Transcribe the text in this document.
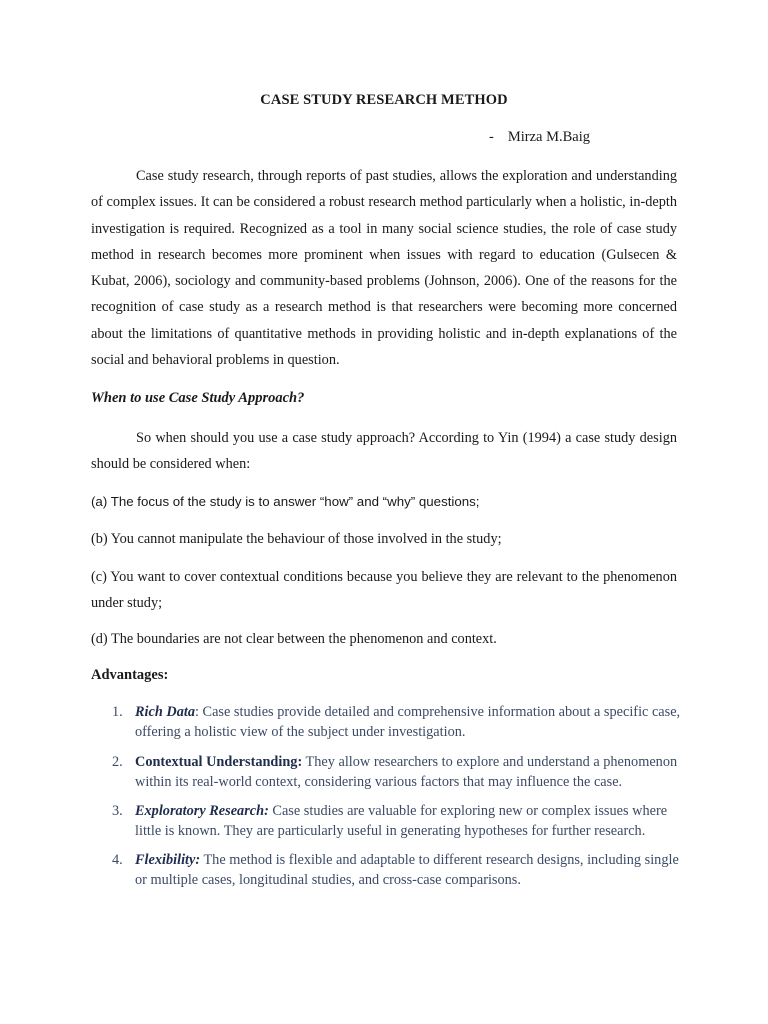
CASE STUDY RESEARCH METHOD
- Mirza M.Baig

Case study research, through reports of past studies, allows the exploration and understanding of complex issues. It can be considered a robust research method particularly when a holistic, in-depth investigation is required. Recognized as a tool in many social science studies, the role of case study method in research becomes more prominent when issues with regard to education (Gulsecen & Kubat, 2006), sociology and community-based problems (Johnson, 2006). One of the reasons for the recognition of case study as a research method is that researchers were becoming more concerned about the limitations of quantitative methods in providing holistic and in-depth explanations of the social and behavioral problems in question.

When to use Case Study Approach?

So when should you use a case study approach? According to Yin (1994) a case study design should be considered when:

(a) The focus of the study is to answer “how” and “why” questions;

(b) You cannot manipulate the behaviour of those involved in the study;

(c) You want to cover contextual conditions because you believe they are relevant to the phenomenon under study;

(d) The boundaries are not clear between the phenomenon and context.

Advantages:
1. Rich Data: Case studies provide detailed and comprehensive information about a specific case, offering a holistic view of the subject under investigation.
2. Contextual Understanding: They allow researchers to explore and understand a phenomenon within its real-world context, considering various factors that may influence the case.
3. Exploratory Research: Case studies are valuable for exploring new or complex issues where little is known. They are particularly useful in generating hypotheses for further research.
4. Flexibility: The method is flexible and adaptable to different research designs, including single or multiple cases, longitudinal studies, and cross-case comparisons.
